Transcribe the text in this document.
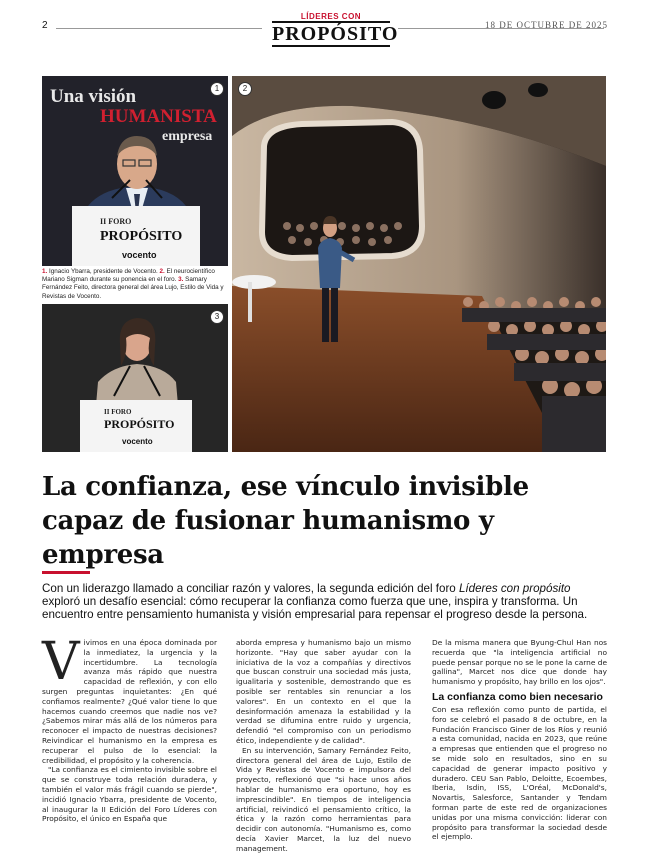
2
LÍDERES CON
PROPÓSITO	18 DE OCTUBRE DE 2025
Una visión
HUMANISTA
empresa
II FORO
PROPÓSITO
vocento
1
1. Ignacio Ybarra, presidente de Vocento. 2. El neurocientífico Mariano Sigman durante su ponencia en el foro. 3. Samary Fernández Feito, directora general del área Lujo, Estilo de Vida y Revistas de Vocento.
II FORO
PROPÓSITO
vocento
3
2
La confianza, ese vínculo invisible capaz de fusionar humanismo y empresa
Con un liderazgo llamado a conciliar razón y valores, la segunda edición del foro Líderes con propósito exploró un desafío esencial: cómo recuperar la confianza como fuerza que une, inspira y transforma. Un encuentro entre pensamiento humanista y visión empresarial para repensar el progreso desde la persona.
V ivimos en una época dominada por la inmediatez, la urgencia y la incertidumbre. La tecnología avanza más rápido que nuestra capacidad de reflexión, y con ello surgen preguntas inquietantes: ¿En qué confiamos realmente? ¿Qué valor tiene lo que hacemos cuando creemos que nadie nos ve? ¿Sabemos mirar más allá de los números para reconocer el impacto de nuestras decisiones? Reivindicar el humanismo en la empresa es recuperar el pulso de lo esencial: la credibilidad, el propósito y la coherencia.

"La confianza es el cimiento invisible sobre el que se construye toda relación duradera, y también el valor más frágil cuando se pierde", incidió Ignacio Ybarra, presidente de Vocento, al inaugurar la II Edición del Foro Líderes con Propósito, el único en España que

aborda empresa y humanismo bajo un mismo horizonte. "Hay que saber ayudar con la iniciativa de la voz a compañías y directivos que buscan construir una sociedad más justa, igualitaria y sostenible, demostrando que es posible ser rentables sin renunciar a los valores". En un contexto en el que la desinformación amenaza la estabilidad y la verdad se difumina entre ruido y urgencia, defendió "el compromiso con un periodismo ético, independiente y de calidad".

En su intervención, Samary Fernández Feito, directora general del área de Lujo, Estilo de Vida y Revistas de Vocento e impulsora del proyecto, reflexionó que "si hace unos años hablar de humanismo era oportuno, hoy es imprescindible". En tiempos de inteligencia artificial, reivindicó el pensamiento crítico, la ética y la razón como herramientas para decidir con autonomía. "Humanismo es, como decía Xavier Marcet, la luz del nuevo management.

De la misma manera que Byung-Chul Han nos recuerda que "la inteligencia artificial no puede pensar porque no se le pone la carne de gallina", Marcet nos dice que donde hay humanismo y propósito, hay brillo en los ojos".

La confianza como bien necesario

Con esa reflexión como punto de partida, el foro se celebró el pasado 8 de octubre, en la Fundación Francisco Giner de los Ríos y reunió a esta comunidad, nacida en 2023, que reúne a empresas que entienden que el progreso no se mide solo en resultados, sino en su capacidad de generar impacto positivo y duradero. CEU San Pablo, Deloitte, Ecoembes, Iberia, Isdin, ISS, L'Oréal, McDonald's, Novartis, Salesforce, Santander y Tendam forman parte de este red de organizaciones unidas por una misma convicción: liderar con propósito para transformar la sociedad desde el ejemplo.
